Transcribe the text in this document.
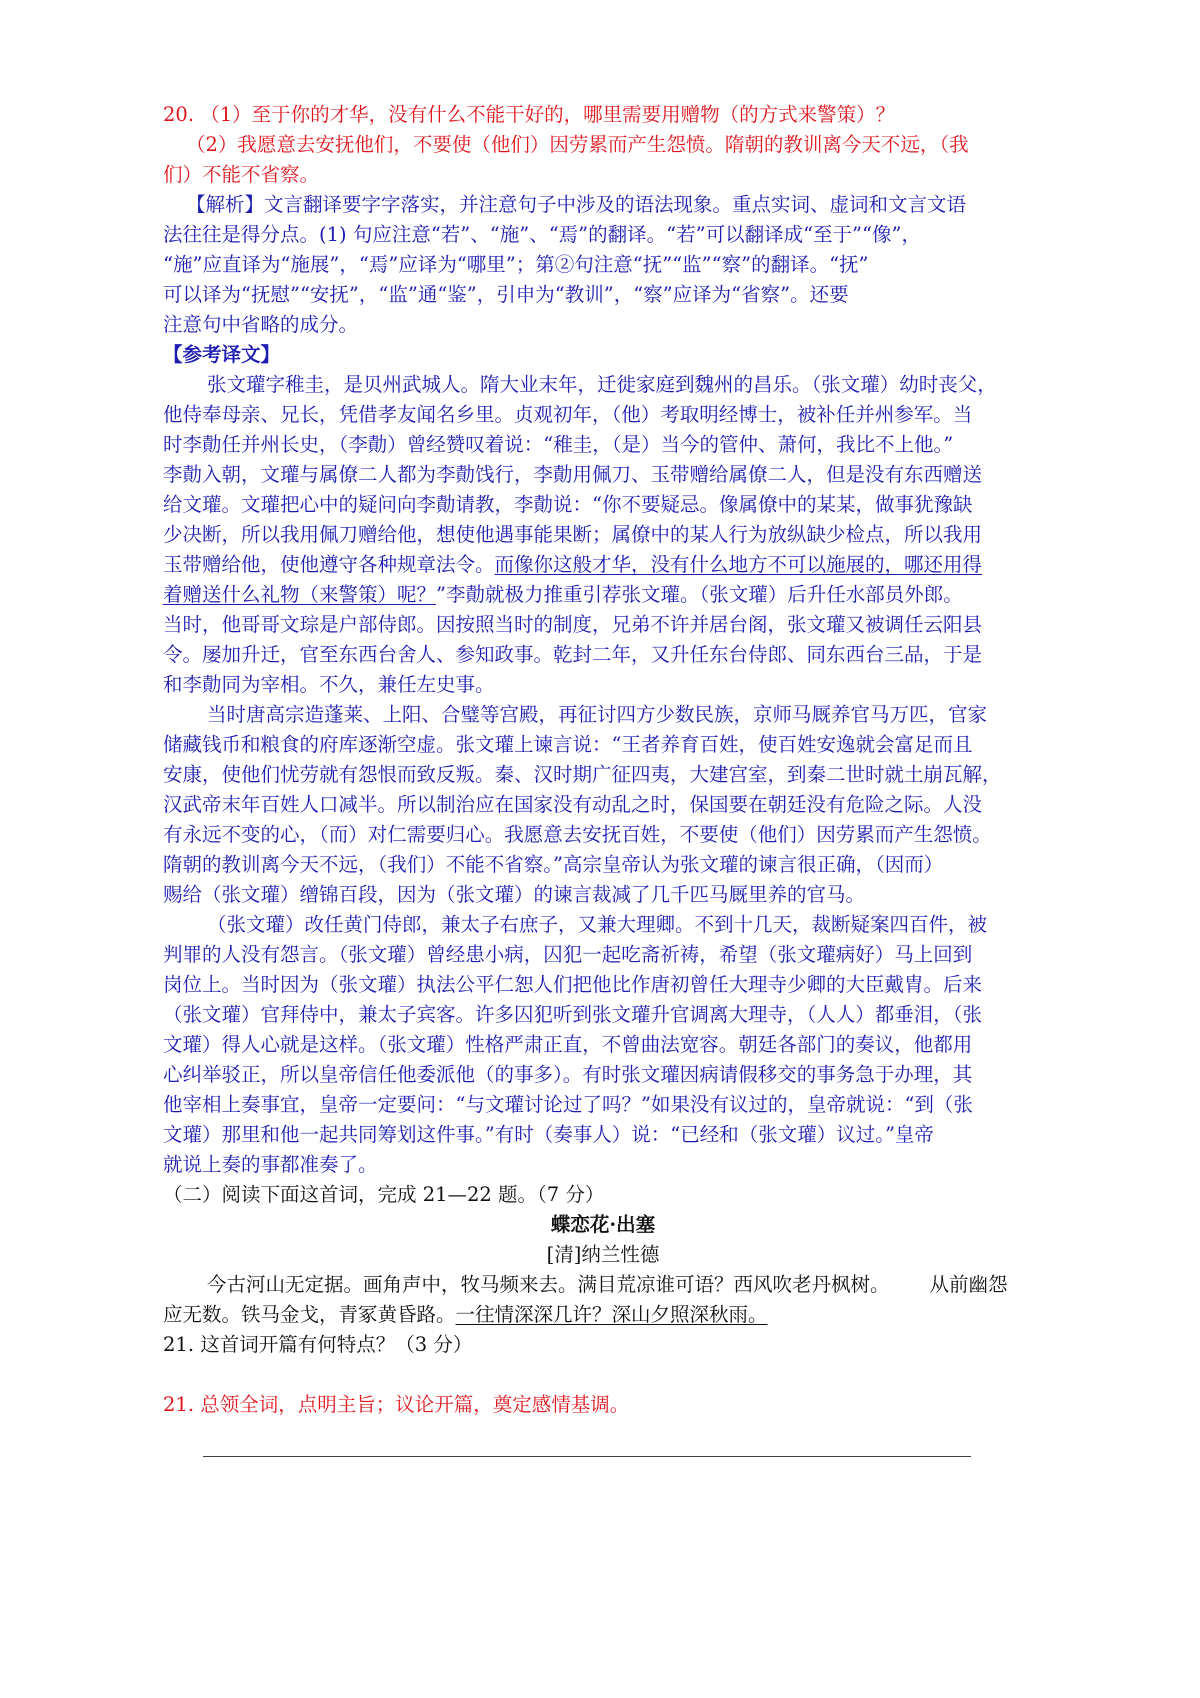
20. （1）至于你的才华，没有什么不能干好的，哪里需要用赠物（的方式来警策）？
（2）我愿意去安抚他们，不要使（他们）因劳累而产生怨愤。隋朝的教训离今天不远，（我
们）不能不省察。
【解析】文言翻译要字字落实，并注意句子中涉及的语法现象。重点实词、虚词和文言文语
法往往是得分点。(1) 句应注意“若”、“施”、“焉”的翻译。“若”可以翻译成“至于”“像”，
“施”应直译为“施展”，“焉”应译为“哪里”；第②句注意“抚”“监”“察”的翻译。“抚”
可以译为“抚慰”“安抚”，“监”通“鉴”，引申为“教训”，“察”应译为“省察”。还要
注意句中省略的成分。
【参考译文】
张文瓘字稚圭，是贝州武城人。隋大业末年，迁徙家庭到魏州的昌乐。（张文瓘）幼时丧父，
他侍奉母亲、兄长，凭借孝友闻名乡里。贞观初年，（他）考取明经博士，被补任并州参军。当
时李勣任并州长史，（李勣）曾经赞叹着说：“稚圭，（是）当今的管仲、萧何，我比不上他。”
李勣入朝，文瓘与属僚二人都为李勣饯行，李勣用佩刀、玉带赠给属僚二人，但是没有东西赠送
给文瓘。文瓘把心中的疑问向李勣请教，李勣说：“你不要疑忌。像属僚中的某某，做事犹豫缺
少决断，所以我用佩刀赠给他，想使他遇事能果断；属僚中的某人行为放纵缺少检点，所以我用
玉带赠给他，使他遵守各种规章法令。而像你这般才华，没有什么地方不可以施展的，哪还用得
着赠送什么礼物（来警策）呢？”李勣就极力推重引荐张文瓘。（张文瓘）后升任水部员外郎。
当时，他哥哥文琮是户部侍郎。因按照当时的制度，兄弟不许并居台阁，张文瓘又被调任云阳县
令。屡加升迁，官至东西台舍人、参知政事。乾封二年，又升任东台侍郎、同东西台三品，于是
和李勣同为宰相。不久，兼任左史事。
当时唐高宗造蓬莱、上阳、合璧等宫殿，再征讨四方少数民族，京师马厩养官马万匹，官家
储藏钱币和粮食的府库逐渐空虚。张文瓘上谏言说：“王者养育百姓，使百姓安逸就会富足而且
安康，使他们忧劳就有怨恨而致反叛。秦、汉时期广征四夷，大建宫室，到秦二世时就土崩瓦解，
汉武帝末年百姓人口减半。所以制治应在国家没有动乱之时，保国要在朝廷没有危险之际。人没
有永远不变的心，（而）对仁需要归心。我愿意去安抚百姓，不要使（他们）因劳累而产生怨愤。
隋朝的教训离今天不远，（我们）不能不省察。”高宗皇帝认为张文瓘的谏言很正确，（因而）
赐给（张文瓘）缯锦百段，因为（张文瓘）的谏言裁减了几千匹马厩里养的官马。
（张文瓘）改任黄门侍郎，兼太子右庶子，又兼大理卿。不到十几天，裁断疑案四百件，被
判罪的人没有怨言。（张文瓘）曾经患小病，囚犯一起吃斋祈祷，希望（张文瓘病好）马上回到
岗位上。当时因为（张文瓘）执法公平仁恕人们把他比作唐初曾任大理寺少卿的大臣戴胄。后来
（张文瓘）官拜侍中，兼太子宾客。许多囚犯听到张文瓘升官调离大理寺，（人人）都垂泪，（张
文瓘）得人心就是这样。（张文瓘）性格严肃正直，不曾曲法宽容。朝廷各部门的奏议，他都用
心纠举驳正，所以皇帝信任他委派他（的事多）。有时张文瓘因病请假移交的事务急于办理，其
他宰相上奏事宜，皇帝一定要问：“与文瓘讨论过了吗？”如果没有议过的，皇帝就说：“到（张
文瓘）那里和他一起共同筹划这件事。”有时（奏事人）说：“已经和（张文瓘）议过。”皇帝
就说上奏的事都准奏了。
（二）阅读下面这首词，完成 21—22 题。（7 分）
蝶恋花·出塞
[清]纳兰性德
今古河山无定据。画角声中，牧马频来去。满目荒凉谁可语？西风吹老丹枫树。 从前幽怨
应无数。铁马金戈，青冢黄昏路。一往情深深几许？深山夕照深秋雨。
21. 这首词开篇有何特点？（3 分）
21. 总领全词，点明主旨；议论开篇，奠定感情基调。
